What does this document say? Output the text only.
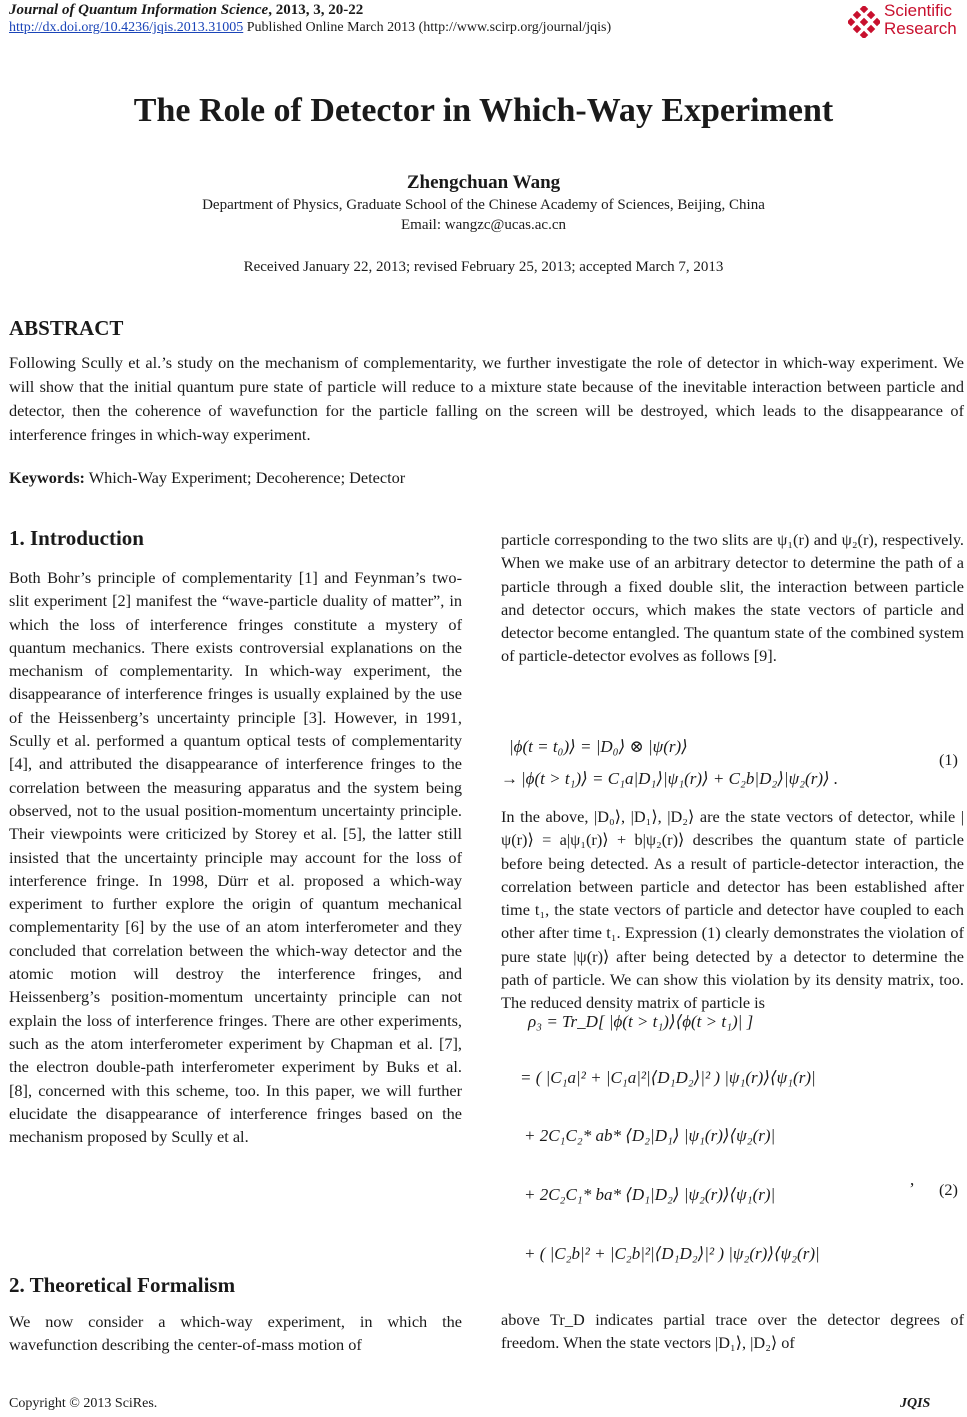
Journal of Quantum Information Science, 2013, 3, 20-22
http://dx.doi.org/10.4236/jqis.2013.31005 Published Online March 2013 (http://www.scirp.org/journal/jqis)
Scientific
Research
The Role of Detector in Which-Way Experiment
Zhengchuan Wang
Department of Physics, Graduate School of the Chinese Academy of Sciences, Beijing, China
Email: wangzc@ucas.ac.cn
Received January 22, 2013; revised February 25, 2013; accepted March 7, 2013
ABSTRACT
Following Scully et al.’s study on the mechanism of complementarity, we further investigate the role of detector in which-way experiment. We will show that the initial quantum pure state of particle will reduce to a mixture state because of the inevitable interaction between particle and detector, then the coherence of wavefunction for the particle falling on the screen will be destroyed, which leads to the disappearance of interference fringes in which-way experiment.
Keywords: Which-Way Experiment; Decoherence; Detector
1. Introduction
Both Bohr’s principle of complementarity [1] and Feynman’s two-slit experiment [2] manifest the “wave-particle duality of matter”, in which the loss of interference fringes constitute a mystery of quantum mechanics. There exists controversial explanations on the mechanism of complementarity. In which-way experiment, the disappearance of interference fringes is usually explained by the use of the Heissenberg’s uncertainty principle [3]. However, in 1991, Scully et al. performed a quantum optical tests of complementarity [4], and attributed the disappearance of interference fringes to the correlation between the measuring apparatus and the system being observed, not to the usual position-momentum uncertainty principle. Their viewpoints were criticized by Storey et al. [5], the latter still insisted that the uncertainty principle may account for the loss of interference fringe. In 1998, Dürr et al. proposed a which-way experiment to further explore the origin of quantum mechanical complementarity [6] by the use of an atom interferometer and they concluded that correlation between the which-way detector and the atomic motion will destroy the interference fringes, and Heissenberg’s position-momentum uncertainty principle can not explain the loss of interference fringes. There are other experiments, such as the atom interferometer experiment by Chapman et al. [7], the electron double-path interferometer experiment by Buks et al. [8], concerned with this scheme, too. In this paper, we will further elucidate the disappearance of interference fringes based on the mechanism proposed by Scully et al.
2. Theoretical Formalism
We now consider a which-way experiment, in which the wavefunction describing the center-of-mass motion of
particle corresponding to the two slits are ψ₁(r) and ψ₂(r), respectively. When we make use of an arbitrary detector to determine the path of a particle through a fixed double slit, the interaction between particle and detector occurs, which makes the state vectors of particle and detector become entangled. The quantum state of the combined system of particle-detector evolves as follows [9].
|ϕ(t = t₀)⟩ = |D₀⟩ ⊗ |ψ(r)⟩
→ |ϕ(t > t₁)⟩ = C₁a|D₁⟩|ψ₁(r)⟩ + C₂b|D₂⟩|ψ₂(r)⟩ .
(1)
In the above, |D₀⟩, |D₁⟩, |D₂⟩ are the state vectors of detector, while |ψ(r)⟩ = a|ψ₁(r)⟩ + b|ψ₂(r)⟩ describes the quantum state of particle before being detected. As a result of particle-detector interaction, the correlation between particle and detector has been established after time t₁, the state vectors of particle and detector have coupled to each other after time t₁. Expression (1) clearly demonstrates the violation of pure state |ψ(r)⟩ after being detected by a detector to determine the path of particle. We can show this violation by its density matrix, too. The reduced density matrix of particle is
ρ₃ = Tr_D[ |ϕ(t > t₁)⟩⟨ϕ(t > t₁)| ]
= ( |C₁a|² + |C₁a|²|⟨D₁D₂⟩|² ) |ψ₁(r)⟩⟨ψ₁(r)|
+ 2C₁C₂* ab* ⟨D₂|D₁⟩ |ψ₁(r)⟩⟨ψ₂(r)|
+ 2C₂C₁* ba* ⟨D₁|D₂⟩ |ψ₂(r)⟩⟨ψ₁(r)|
+ ( |C₂b|² + |C₂b|²|⟨D₁D₂⟩|² ) |ψ₂(r)⟩⟨ψ₂(r)|
,
(2)
above Tr_D indicates partial trace over the detector degrees of freedom. When the state vectors |D₁⟩, |D₂⟩ of
Copyright © 2013 SciRes.	JQIS
